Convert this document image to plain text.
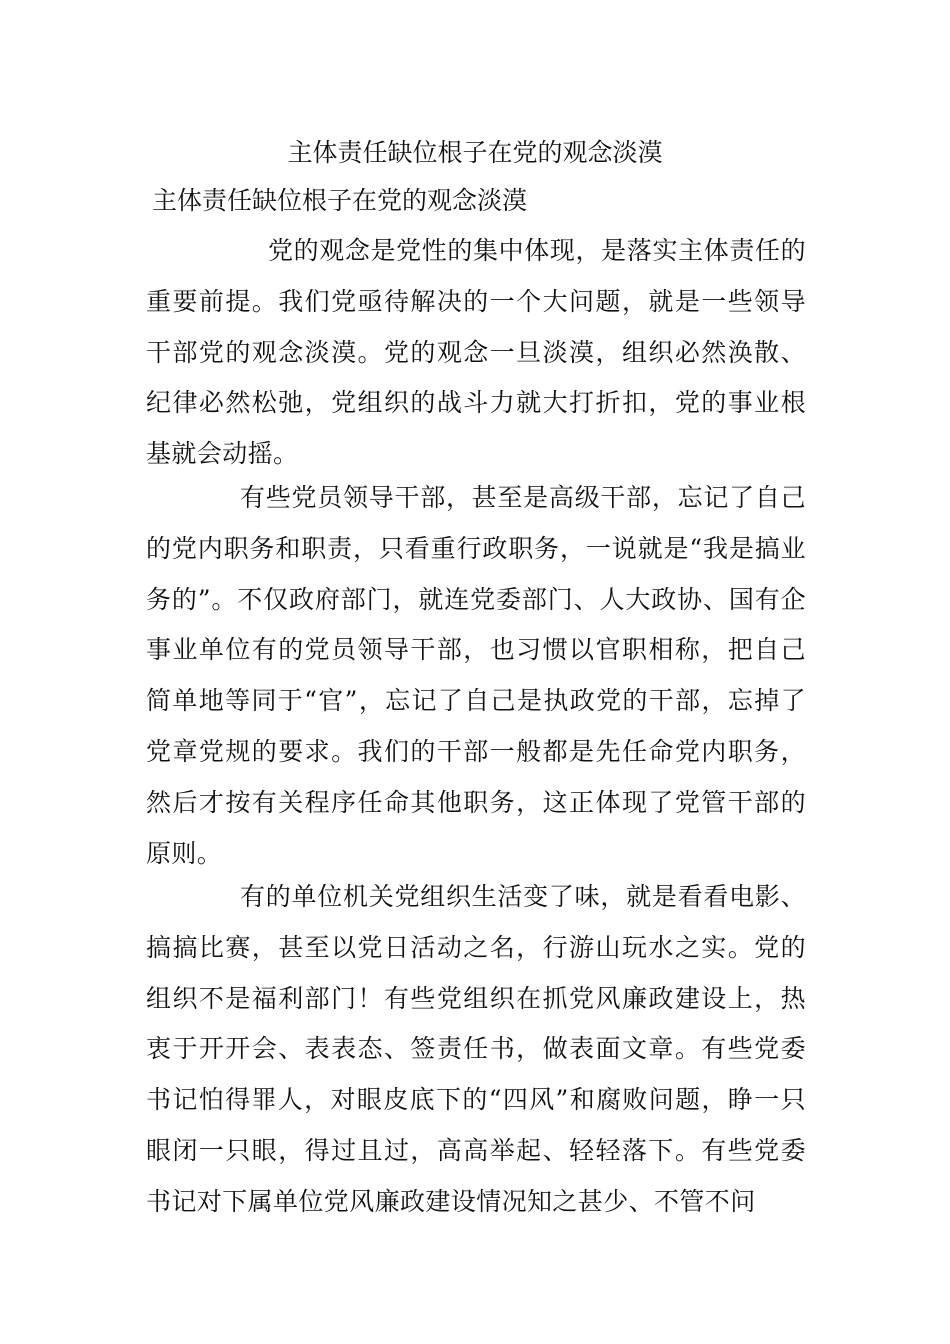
主体责任缺位根子在党的观念淡漠
主体责任缺位根子在党的观念淡漠

党的观念是党性的集中体现，是落实主体责任的重要前提。我们党亟待解决的一个大问题，就是一些领导干部党的观念淡漠。党的观念一旦淡漠，组织必然涣散、纪律必然松弛，党组织的战斗力就大打折扣，党的事业根基就会动摇。

有些党员领导干部，甚至是高级干部，忘记了自己的党内职务和职责，只看重行政职务，一说就是“我是搞业务的”。不仅政府部门，就连党委部门、人大政协、国有企事业单位有的党员领导干部，也习惯以官职相称，把自己简单地等同于“官”，忘记了自己是执政党的干部，忘掉了党章党规的要求。我们的干部一般都是先任命党内职务，然后才按有关程序任命其他职务，这正体现了党管干部的原则。

有的单位机关党组织生活变了味，就是看看电影、搞搞比赛，甚至以党日活动之名，行游山玩水之实。党的组织不是福利部门！有些党组织在抓党风廉政建设上，热衷于开开会、表表态、签责任书，做表面文章。有些党委书记怕得罪人，对眼皮底下的“四风”和腐败问题，睁一只眼闭一只眼，得过且过，高高举起、轻轻落下。有些党委书记对下属单位党风廉政建设情况知之甚少、不管不问
